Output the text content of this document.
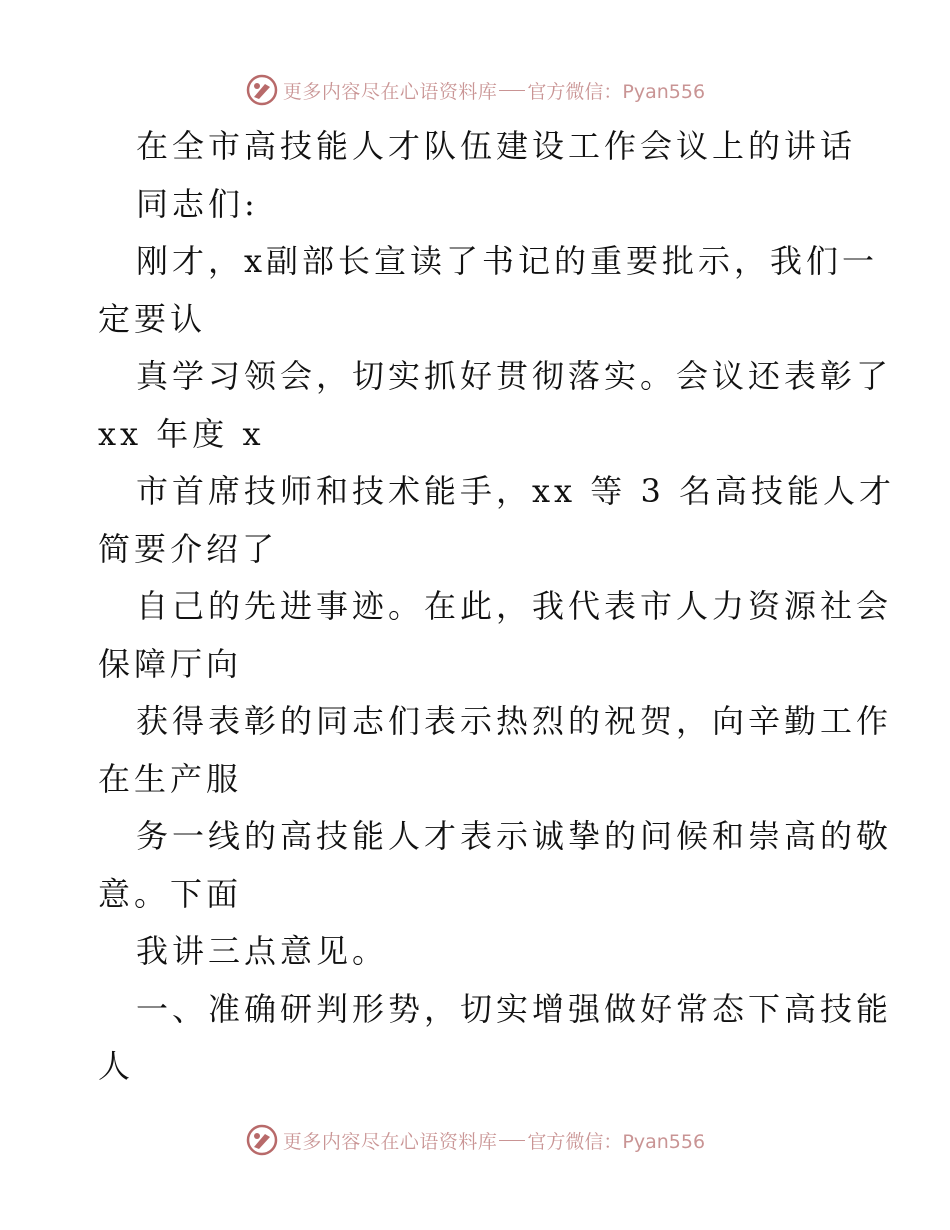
更多内容尽在心语资料库 官方微信：Pyan556
在全市高技能人才队伍建设工作会议上的讲话
同志们:
刚才，x副部长宣读了书记的重要批示，我们一
定要认
真学习领会，切实抓好贯彻落实。会议还表彰了
xx 年度 x
市首席技师和技术能手，xx 等 3 名高技能人才
简要介绍了
自己的先进事迹。在此，我代表市人力资源社会
保障厅向
获得表彰的同志们表示热烈的祝贺，向辛勤工作
在生产服
务一线的高技能人才表示诚挚的问候和崇高的敬
意。下面
我讲三点意见。
一、准确研判形势，切实增强做好常态下高技能
人
更多内容尽在心语资料库 官方微信：Pyan556
